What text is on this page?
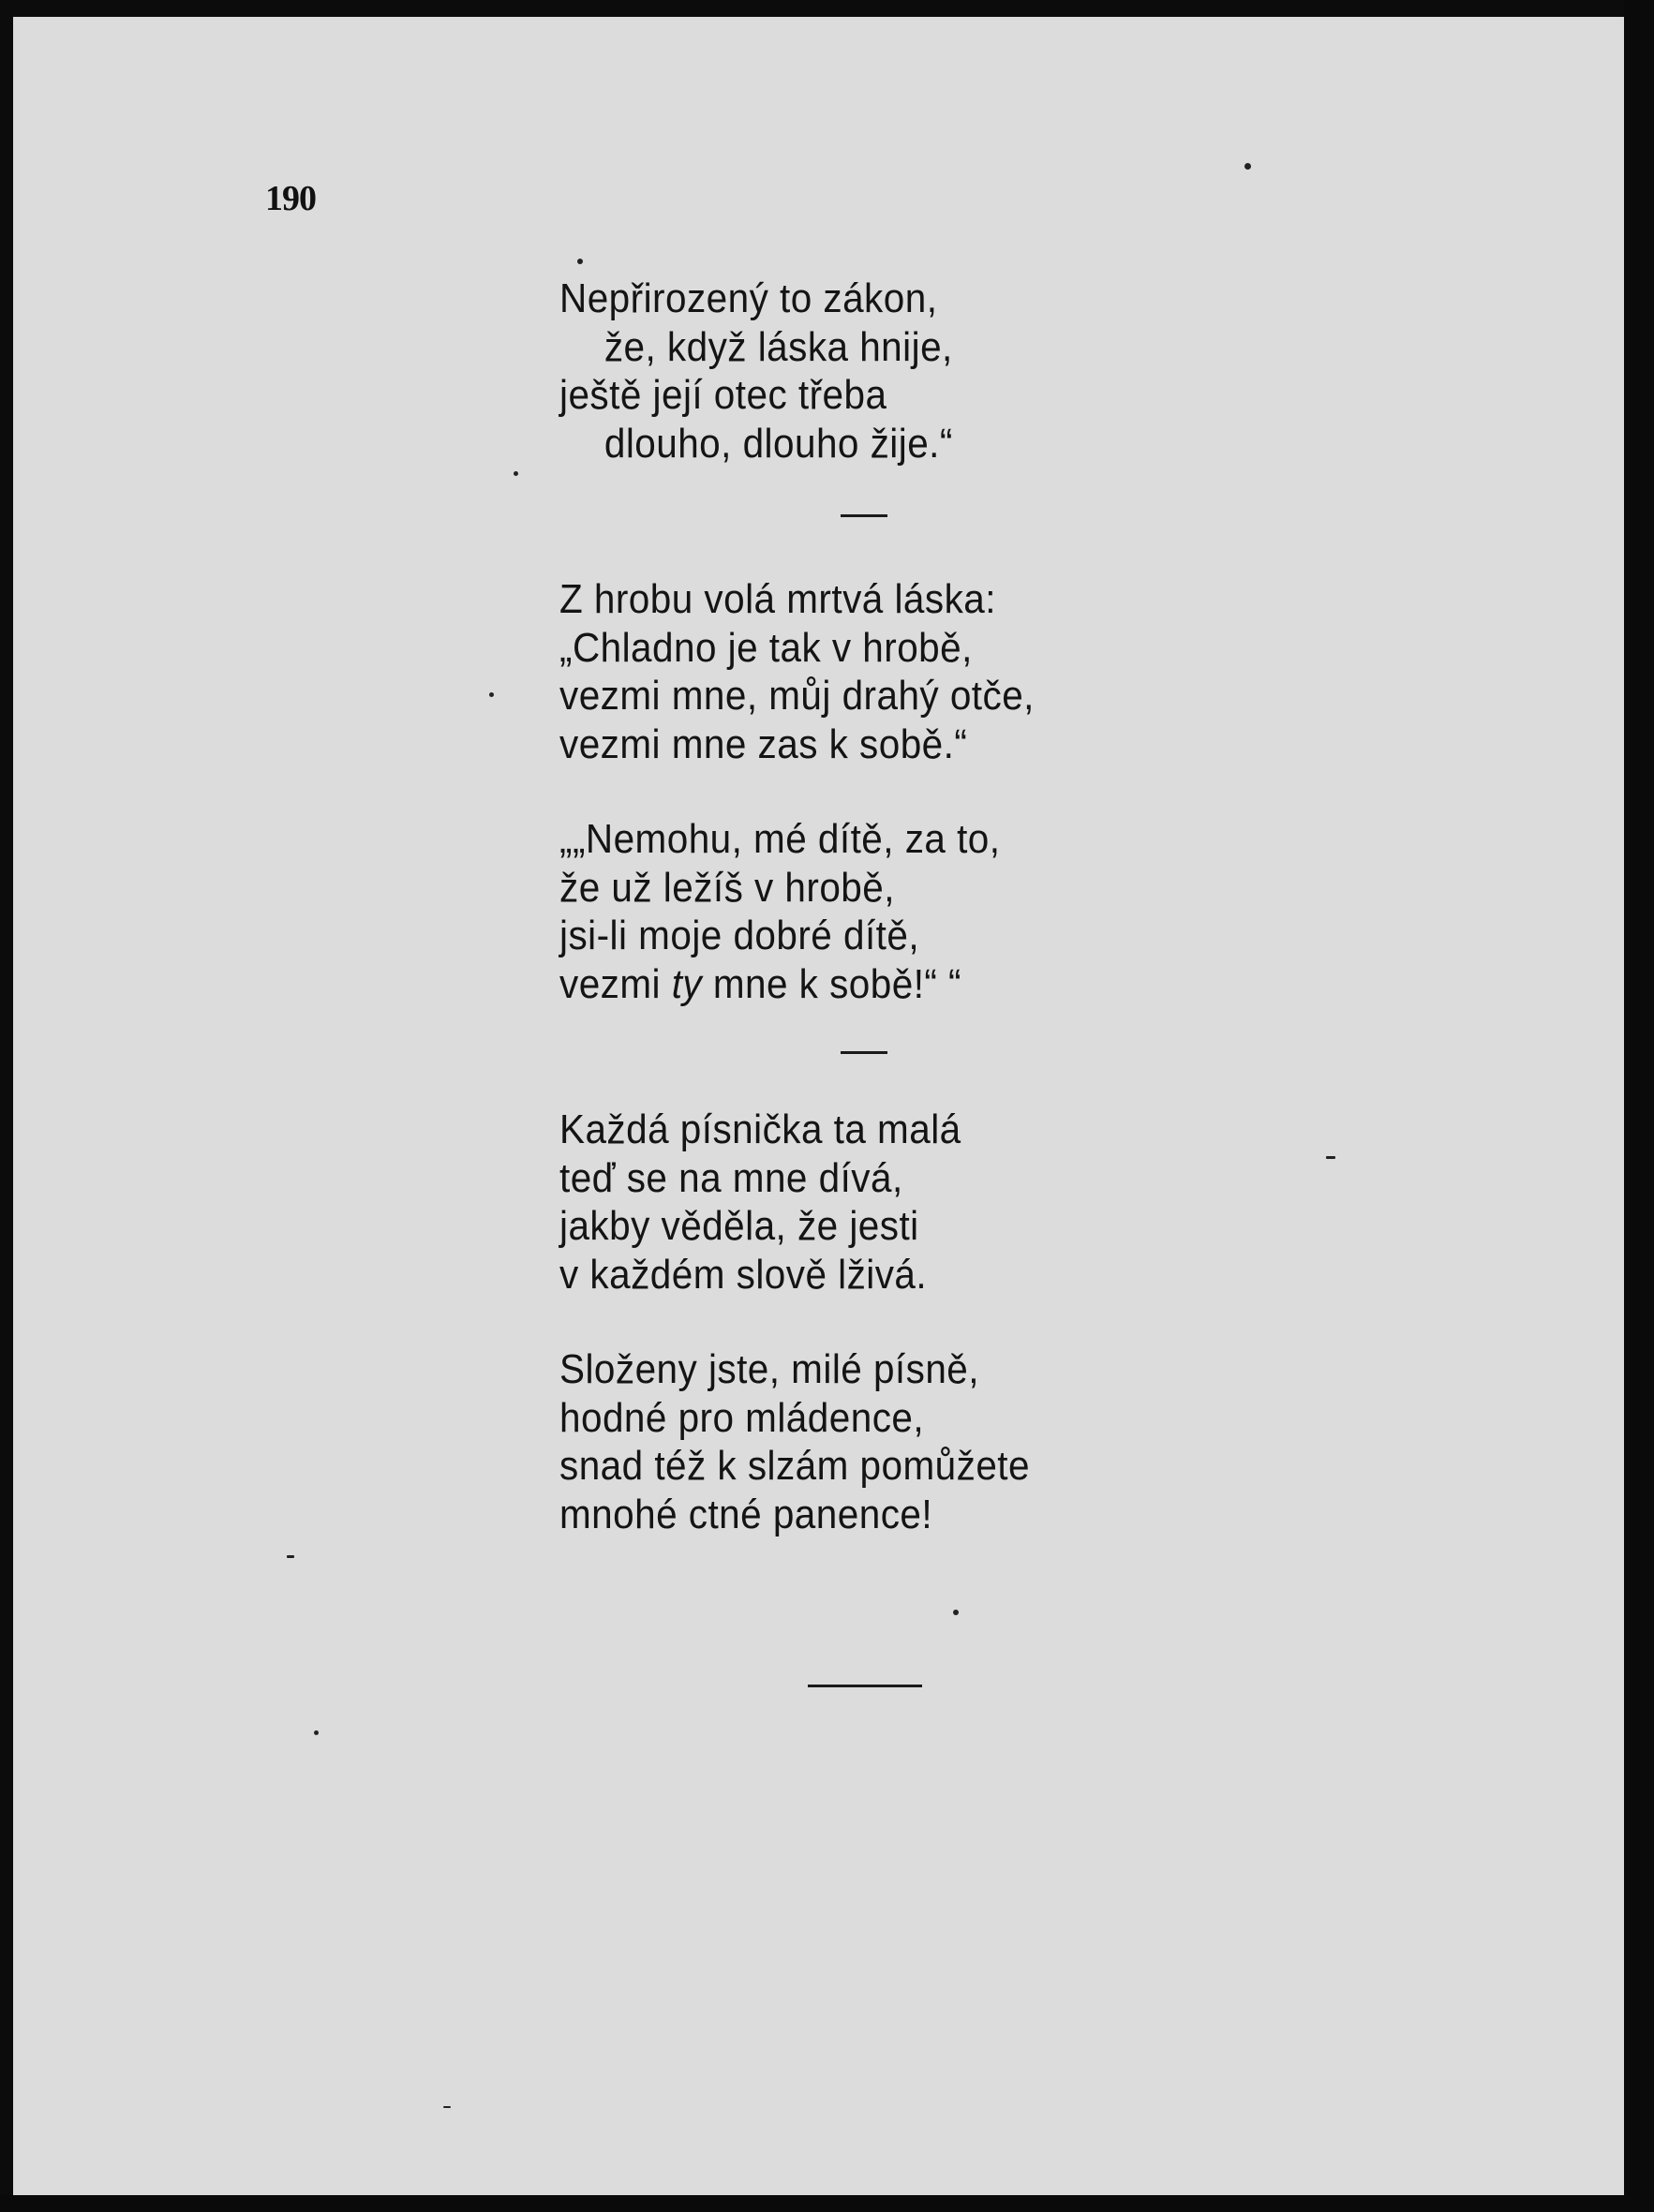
190
Nepřirozený to zákon,
že, když láska hnije,
ještě její otec třeba
dlouho, dlouho žije.“
Z hrobu volá mrtvá láska:
„Chladno je tak v hrobě,
vezmi mne, můj drahý otče,
vezmi mne zas k sobě.“
„„Nemohu, mé dítě, za to,
že už ležíš v hrobě,
jsi-li moje dobré dítě,
vezmi ty mne k sobě!“ “
Každá písnička ta malá
teď se na mne dívá,
jakby věděla, že jesti
v každém slově lživá.
Složeny jste, milé písně,
hodné pro mládence,
snad též k slzám pomůžete
mnohé ctné panence!
